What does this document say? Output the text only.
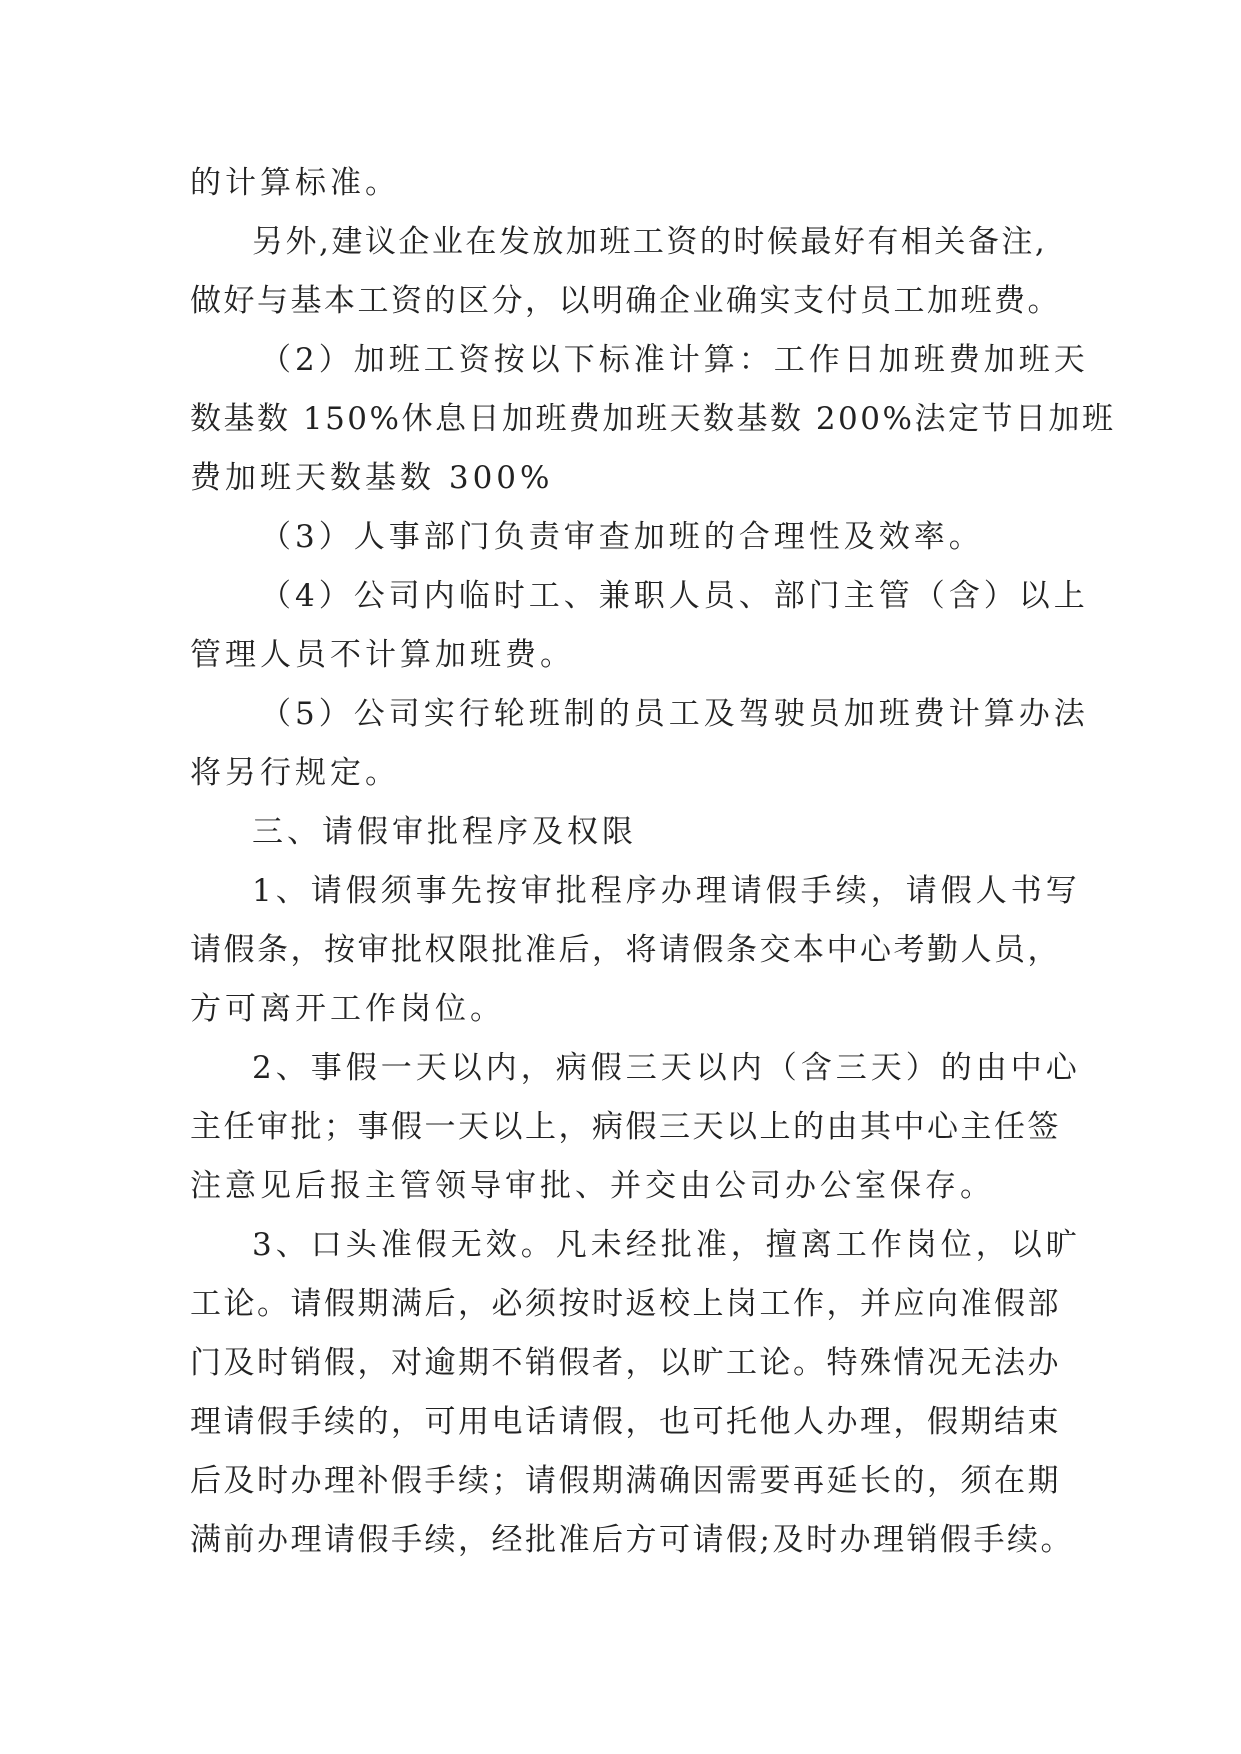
的计算标准。
另外,建议企业在发放加班工资的时候最好有相关备注,
做好与基本工资的区分，以明确企业确实支付员工加班费。
（2）加班工资按以下标准计算：工作日加班费加班天
数基数 150%休息日加班费加班天数基数 200%法定节日加班
费加班天数基数 300%
（3）人事部门负责审查加班的合理性及效率。
（4）公司内临时工、兼职人员、部门主管（含）以上
管理人员不计算加班费。
（5）公司实行轮班制的员工及驾驶员加班费计算办法
将另行规定。
三、请假审批程序及权限
1、请假须事先按审批程序办理请假手续，请假人书写
请假条，按审批权限批准后，将请假条交本中心考勤人员，
方可离开工作岗位。
2、事假一天以内，病假三天以内（含三天）的由中心
主任审批；事假一天以上，病假三天以上的由其中心主任签
注意见后报主管领导审批、并交由公司办公室保存。
3、口头准假无效。凡未经批准，擅离工作岗位，以旷
工论。请假期满后，必须按时返校上岗工作，并应向准假部
门及时销假，对逾期不销假者，以旷工论。特殊情况无法办
理请假手续的，可用电话请假，也可托他人办理，假期结束
后及时办理补假手续；请假期满确因需要再延长的，须在期
满前办理请假手续，经批准后方可请假;及时办理销假手续。
